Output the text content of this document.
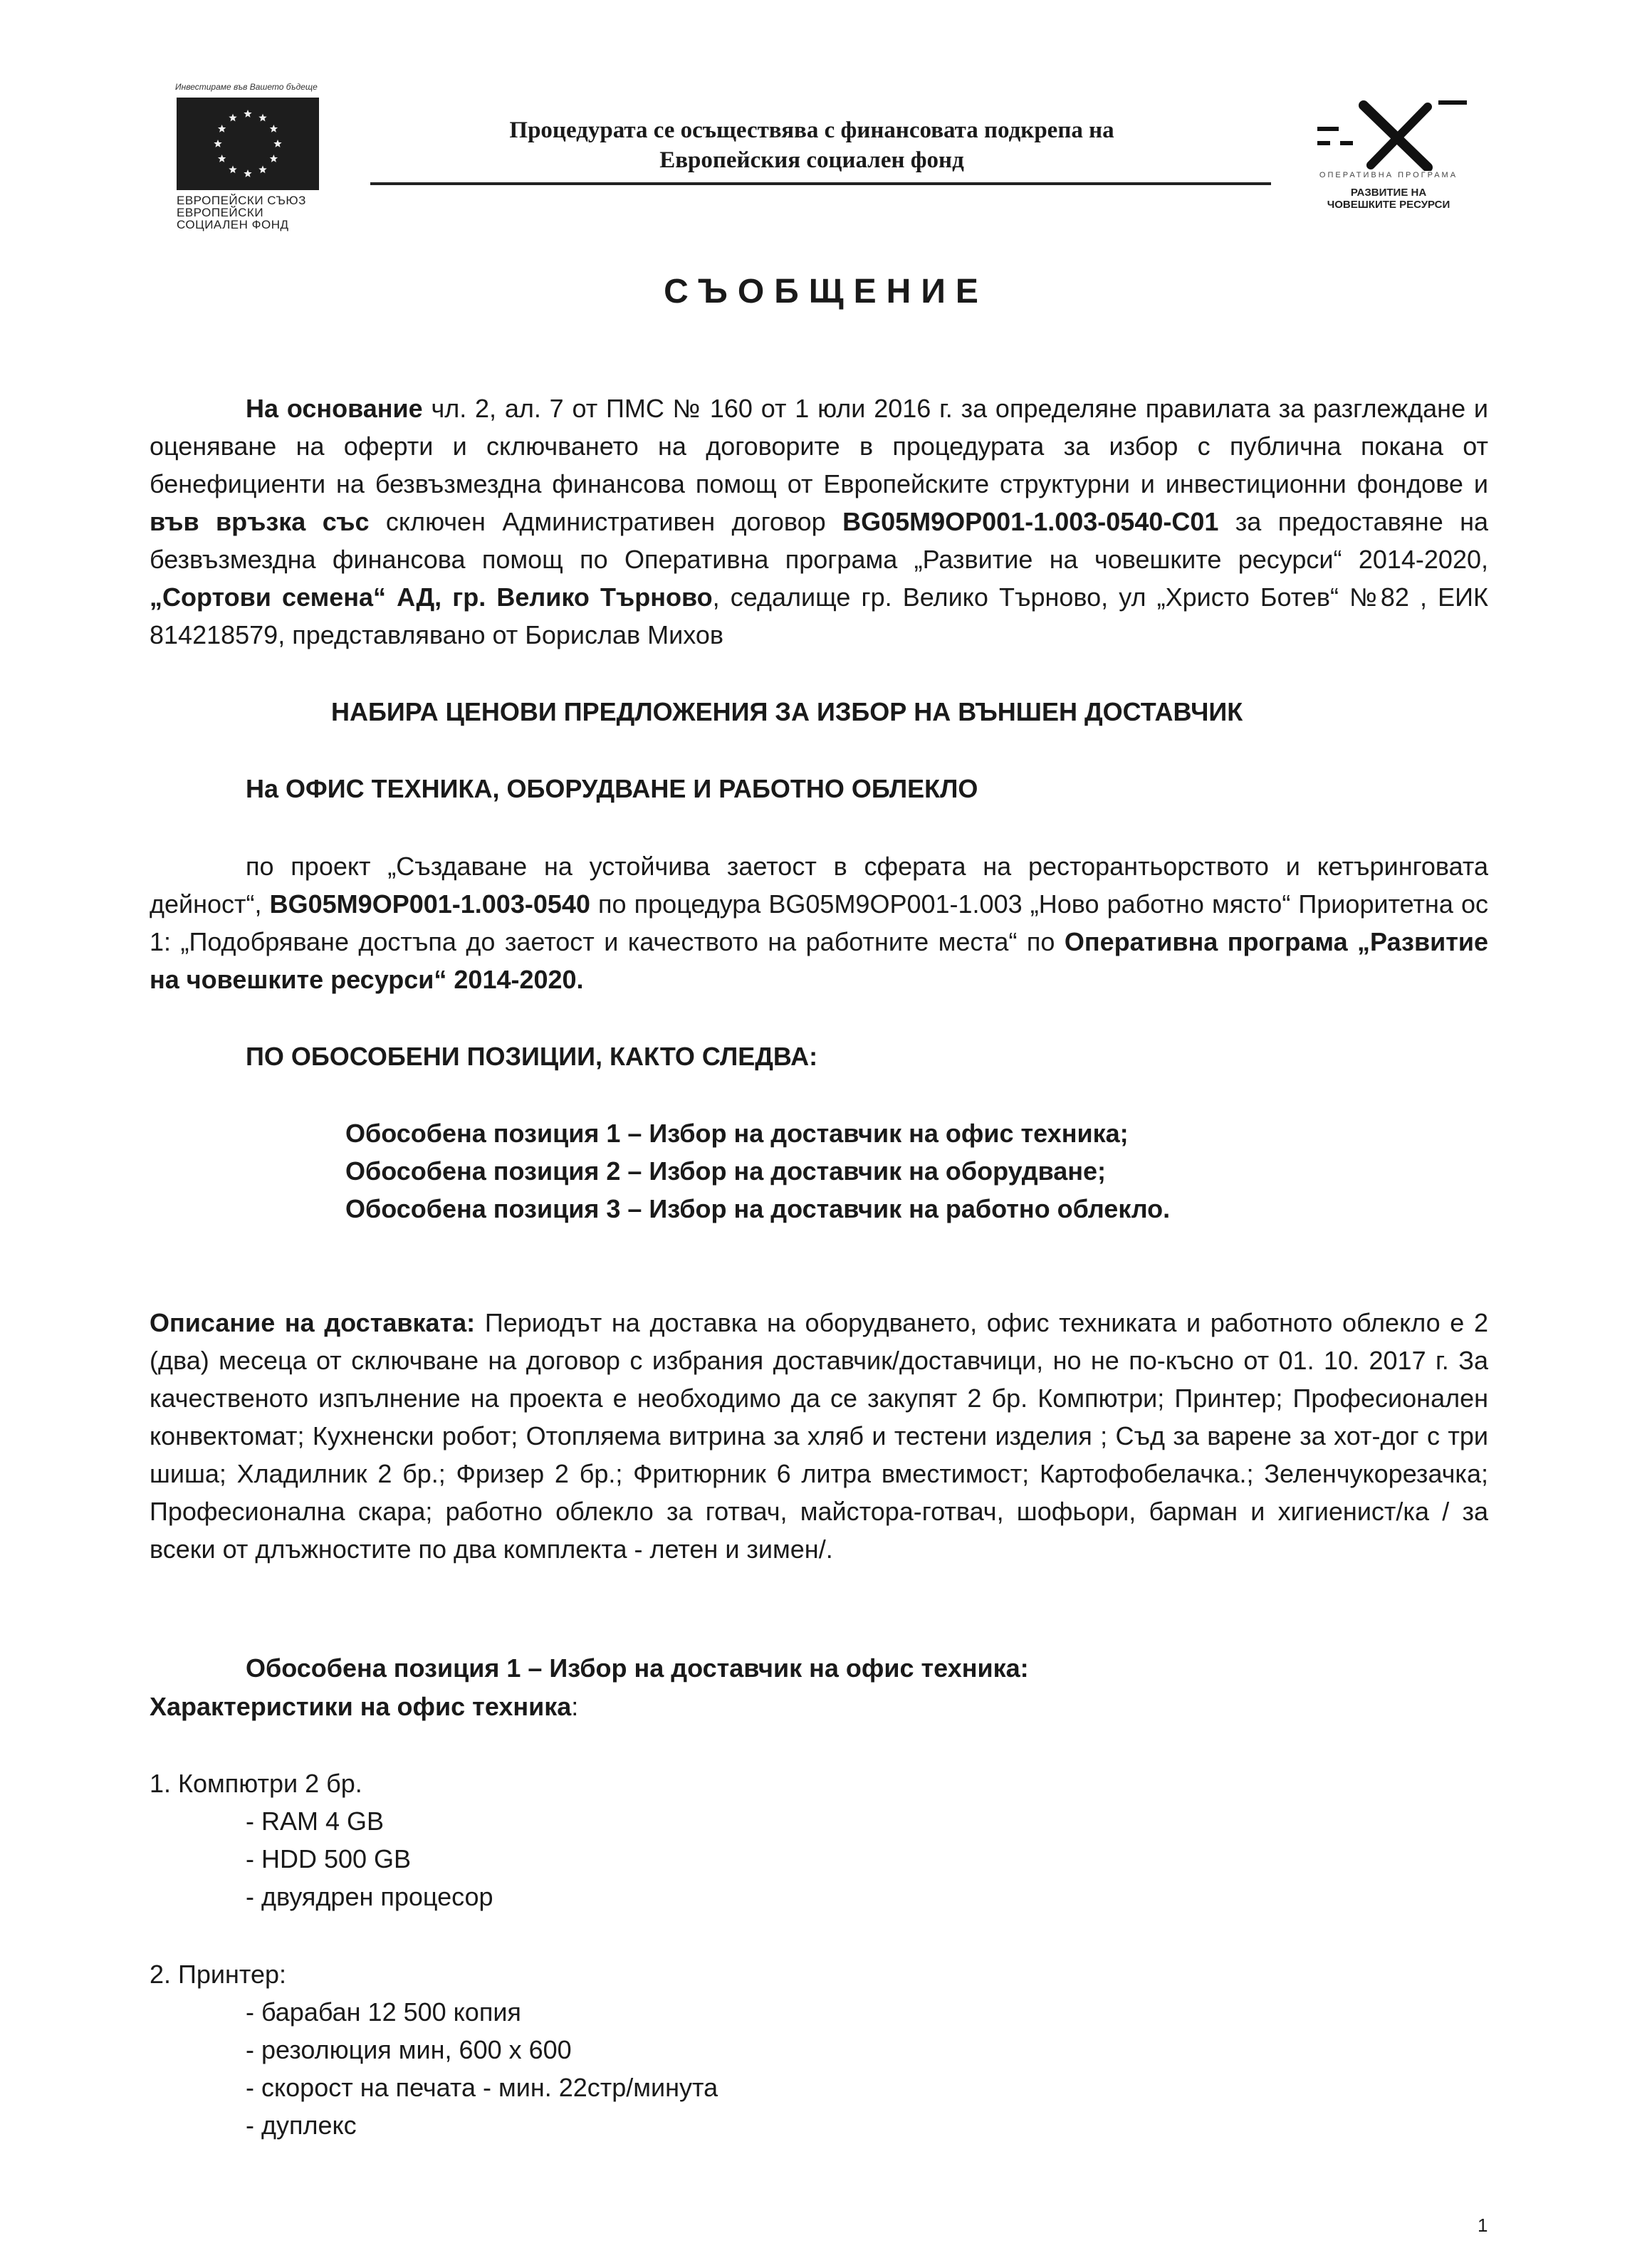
Инвестираме във Вашето бъдеще
ЕВРОПЕЙСКИ СЪЮЗ
ЕВРОПЕЙСКИ
СОЦИАЛЕН ФОНД
Процедурата се осъществява с финансовата подкрепа на
Европейския социален фонд
ОПЕРАТИВНА ПРОГРАМА
РАЗВИТИЕ НА
ЧОВЕШКИТЕ РЕСУРСИ
СЪОБЩЕНИЕ
На основание чл. 2, ал. 7 от ПМС № 160 от 1 юли 2016 г. за определяне правилата за разглеждане и оценяване на оферти и сключването на договорите в процедурата за избор с публична покана от бенефициенти на безвъзмездна финансова помощ от Европейските структурни и инвестиционни фондове и във връзка със сключен Административен договор BG05M9OP001-1.003-0540-C01 за предоставяне на безвъзмездна финансова помощ по Оперативна програма „Развитие на човешките ресурси“ 2014-2020, „Сортови семена“ АД, гр. Велико Търново, седалище гр. Велико Търново, ул „Христо Ботев“ №82 , ЕИК 814218579, представлявано от Борислав Михов
НАБИРА ЦЕНОВИ ПРЕДЛОЖЕНИЯ ЗА ИЗБОР НА ВЪНШЕН ДОСТАВЧИК
На ОФИС ТЕХНИКА, ОБОРУДВАНЕ И РАБОТНО ОБЛЕКЛО
по проект „Създаване на устойчива заетост в сферата на ресторантьорството и кетъринговата дейност“, BG05M9OP001-1.003-0540 по процедура BG05M9OP001-1.003 „Ново работно място“ Приоритетна ос 1: „Подобряване достъпа до заетост и качеството на работните места“ по Оперативна програма „Развитие на човешките ресурси“ 2014-2020.
ПО ОБОСОБЕНИ ПОЗИЦИИ, КАКТО СЛЕДВА:
Обособена позиция 1 – Избор на доставчик на офис техника;
Обособена позиция 2 – Избор на доставчик на оборудване;
Обособена позиция 3 – Избор на доставчик на работно облекло.
Описание на доставката: Периодът на доставка на оборудването, офис техниката и работното облекло е 2 (два) месеца от сключване на договор с избрания доставчик/доставчици, но не по-късно от 01. 10. 2017 г. За качественото изпълнение на проекта е необходимо да се закупят 2 бр. Компютри; Принтер; Професионален конвектомат; Кухненски робот; Отопляема витрина за хляб и тестени изделия ; Съд за варене за хот-дог с три шиша; Хладилник 2 бр.; Фризер 2 бр.; Фритюрник 6 литра вместимост; Картофобелачка.; Зеленчукорезачка; Професионална скара; работно облекло за готвач, майстора-готвач, шофьори, барман и хигиенист/ка / за всеки от длъжностите по два комплекта - летен и зимен/.
Обособена позиция 1 – Избор на доставчик на офис техника:
Характеристики на офис техника:
1. Компютри 2 бр.
- RAM 4 GB
- HDD 500 GB
- двуядрен процесор
2. Принтер:
- барабан 12 500 копия
- резолюция мин, 600 х 600
- скорост на печата - мин. 22стр/минута
- дуплекс
1
